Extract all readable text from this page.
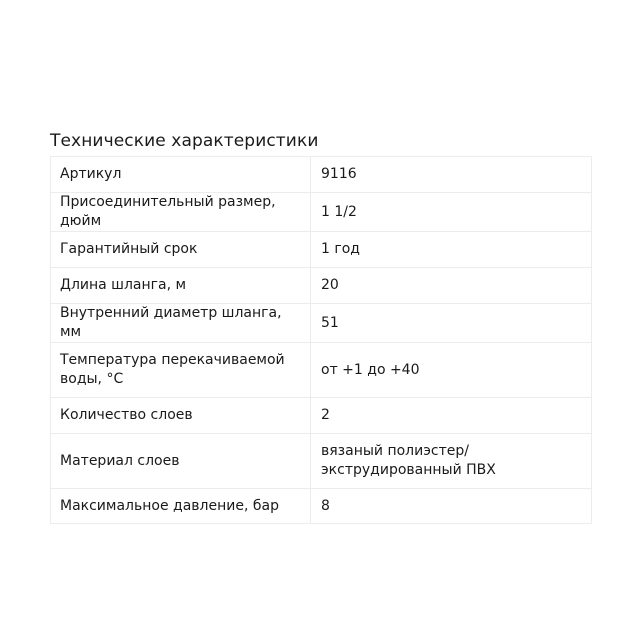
Технические характеристики
Артикул	9116
Присоединительный размер, дюйм	1 1/2
Гарантийный срок	1 год
Длина шланга, м	20
Внутренний диаметр шланга, мм	51
Температура перекачиваемой воды, °С	от +1 до +40
Количество слоев	2
Материал слоев	вязаный полиэстер/ экструдированный ПВХ
Максимальное давление, бар	8
